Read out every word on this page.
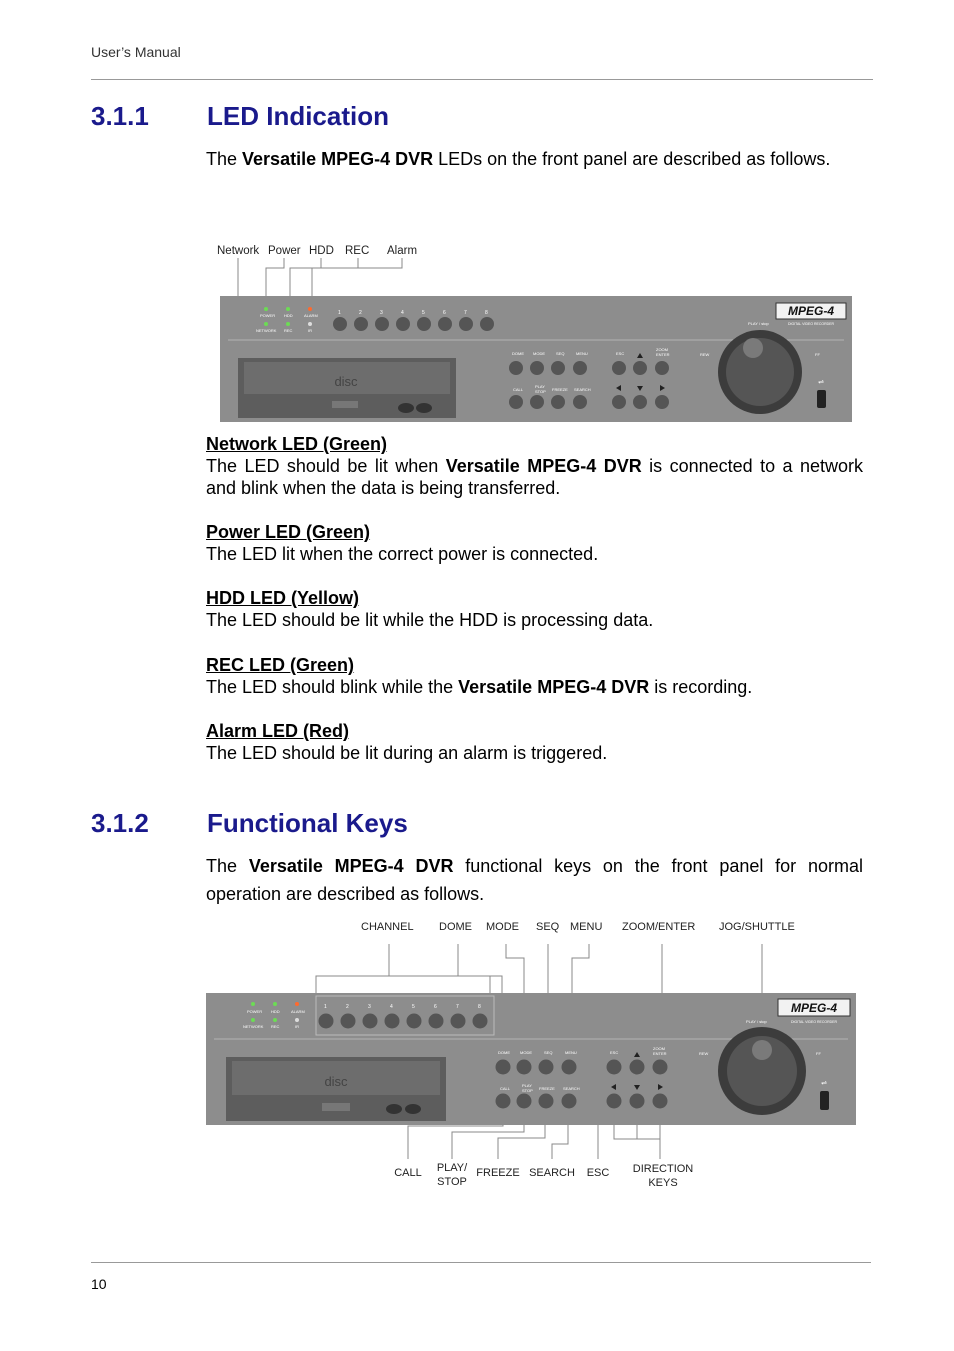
User’s Manual
3.1.1 LED Indication
The Versatile MPEG-4 DVR LEDs on the front panel are described as follows.
Network Power HDD REC Alarm
POWER HDD	ALARM
NETWORK REC	IR
1	2	3	4	5	6	7	8	MPEG-4
DIGITAL VIDEO RECORDER
PLAY / stop
disc
DOME MODE	SEQ	MENU
CALL
PLAY
STOP FREEZE SEARCH
ESC
ZOOM
ENTER	REW	FF
⇌
Network LED (Green)
The LED should be lit when Versatile MPEG-4 DVR is connected to a network and blink when the data is being transferred.
Power LED (Green)
The LED lit when the correct power is connected.
HDD LED (Yellow)
The LED should be lit while the HDD is processing data.
REC LED (Green)
The LED should blink while the Versatile MPEG-4 DVR is recording.
Alarm LED (Red)
The LED should be lit during an alarm is triggered.
3.1.2 Functional Keys
The Versatile MPEG-4 DVR functional keys on the front panel for normal operation are described as follows.
CHANNEL DOME MODE SEQ MENU ZOOM/ENTER JOG/SHUTTLE
POWER HDD	ALARM
NETWORK REC	IR
1	2	3	4	5	6	7	8	MPEG-4
DIGITAL VIDEO RECORDER
PLAY / stop
disc
DOME	MODE	SEQ	MENU
CALL
PLAY
STOP FREEZE SEARCH
ESC
ZOOM
ENTER	REW	FF
⇌
CALL PLAY/
STOP
FREEZE SEARCH ESC DIRECTION
KEYS
10
